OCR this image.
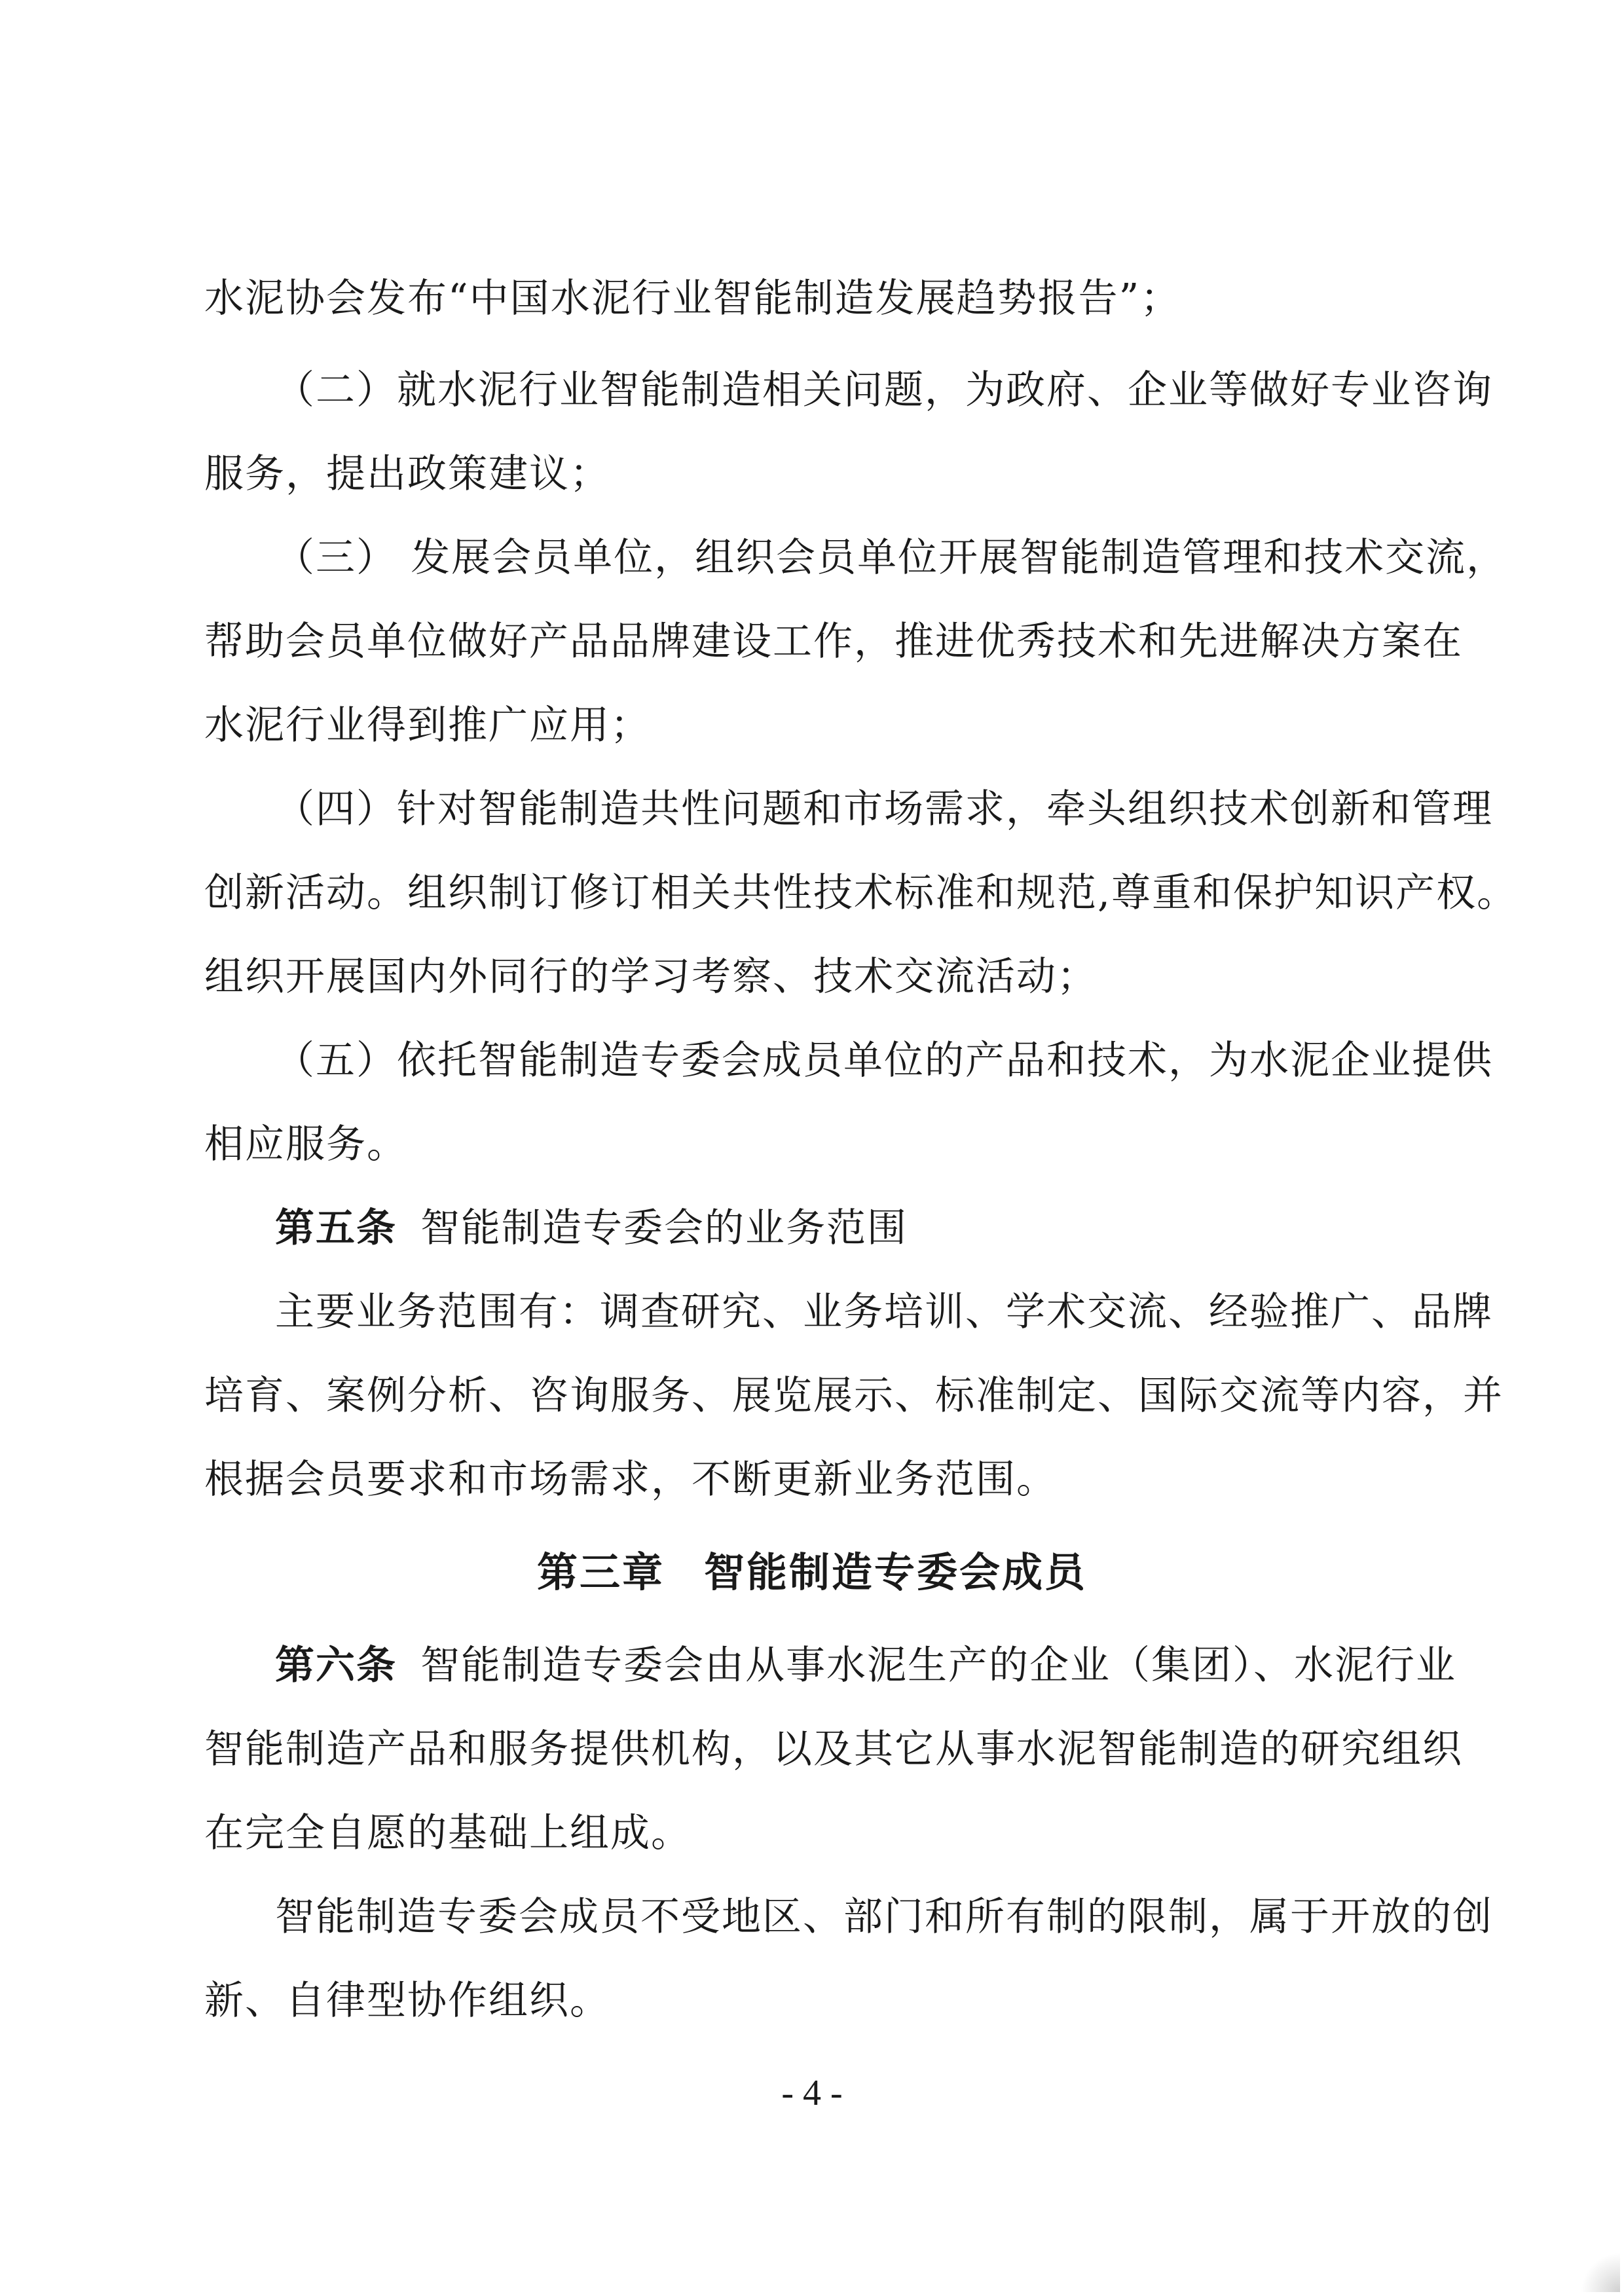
水泥协会发布“中国水泥行业智能制造发展趋势报告”；
（二）就水泥行业智能制造相关问题，为政府、企业等做好专业咨询
服务，提出政策建议；
（三） 发展会员单位，组织会员单位开展智能制造管理和技术交流，
帮助会员单位做好产品品牌建设工作，推进优秀技术和先进解决方案在
水泥行业得到推广应用；
（四）针对智能制造共性问题和市场需求，牵头组织技术创新和管理
创新活动。组织制订修订相关共性技术标准和规范,尊重和保护知识产权。
组织开展国内外同行的学习考察、技术交流活动；
（五）依托智能制造专委会成员单位的产品和技术，为水泥企业提供
相应服务。
第五条 智能制造专委会的业务范围
主要业务范围有：调查研究、业务培训、学术交流、经验推广、品牌
培育、案例分析、咨询服务、展览展示、标准制定、国际交流等内容，并
根据会员要求和市场需求，不断更新业务范围。
第三章 智能制造专委会成员
第六条 智能制造专委会由从事水泥生产的企业（集团）、水泥行业
智能制造产品和服务提供机构，以及其它从事水泥智能制造的研究组织
在完全自愿的基础上组成。
智能制造专委会成员不受地区、部门和所有制的限制，属于开放的创
新、自律型协作组织。
- 4 -
